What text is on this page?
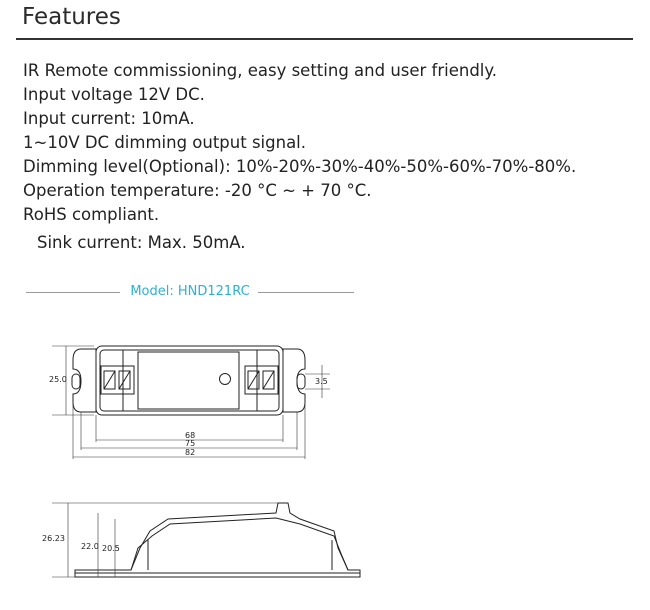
Features
IR Remote commissioning, easy setting and user friendly.
Input voltage 12V DC.
Input current: 10mA.
1~10V DC dimming output signal.
Dimming level(Optional): 10%-20%-30%-40%-50%-60%-70%-80%.
Operation temperature: -20 °C ~ + 70 °C.
RoHS compliant.
Sink current: Max. 50mA.
Model: HND121RC
25.0	3.5
68
75
82
26.23
22.0 20.5
